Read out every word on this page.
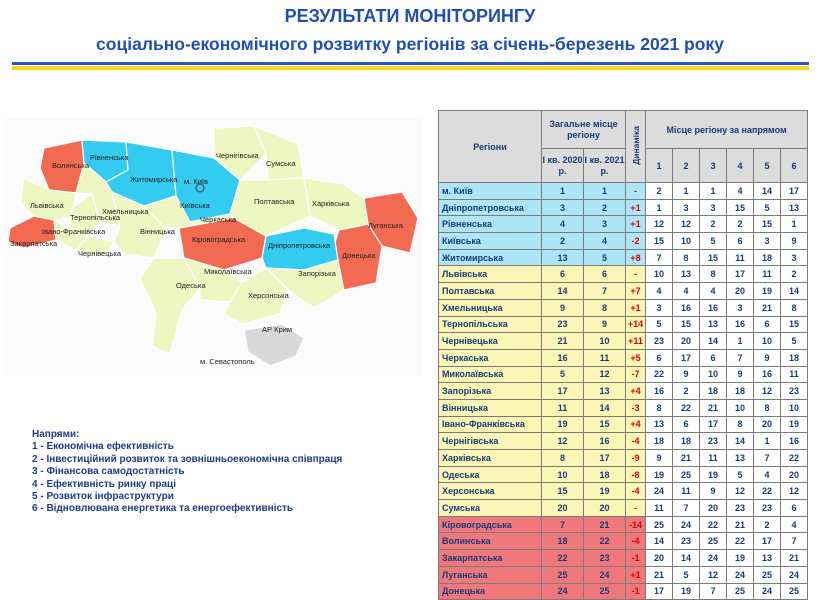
РЕЗУЛЬТАТИ МОНІТОРИНГУ
соціально-економічного розвитку регіонів за січень-березень 2021 року
Волинська
Рівненська
Житомирська
Чернігівська
Сумська
Київська
м. Київ
Львівська
Хмельницька
Тернопільська
Вінницька
Черкаська
Полтавська Харківська
Луганська
Закарпатська
Івано-Франківська
Чернівецька
Кіровоградська
Дніпропетровська
Донецька
Запорізька
Миколаївська
Херсонська
Одеська
АР Крим
м. Севастополь
Напрями:
1 - Економічна ефективність
2 - Інвестиційний розвиток та зовнішньоекономічна співпраця
3 - Фінансова самодостатність
4 - Ефективність ринку праці
5 - Розвиток інфраструктури
6 - Відновлювана енергетика та енергоефективність
Регіони	Загальне місце регіону		Динаміка	Місце регіону за напрямом					
	І кв. 2020 р.	І кв. 2021 р.		1	2	3	4	5	6
м. Київ	1	1	-	2	1	1	4	14	17
Дніпропетровська	3	2	+1	1	3	3	15	5	13
Рівненська	4	3	+1	12	12	2	2	15	1
Київська	2	4	-2	15	10	5	6	3	9
Житомирська	13	5	+8	7	8	15	11	18	3
Львівська	6	6	-	10	13	8	17	11	2
Полтавська	14	7	+7	4	4	4	20	19	14
Хмельницька	9	8	+1	3	16	16	3	21	8
Тернопільська	23	9	+14	5	15	13	16	6	15
Чернівецька	21	10	+11	23	20	14	1	10	5
Черкаська	16	11	+5	6	17	6	7	9	18
Миколаївська	5	12	-7	22	9	10	9	16	11
Запорізька	17	13	+4	16	2	18	18	12	23
Вінницька	11	14	-3	8	22	21	10	8	10
Івано-Франківська	19	15	+4	13	6	17	8	20	19
Чернігівська	12	16	-4	18	18	23	14	1	16
Харківська	8	17	-9	9	21	11	13	7	22
Одеська	10	18	-8	19	25	19	5	4	20
Херсонська	15	19	-4	24	11	9	12	22	12
Сумська	20	20	-	11	7	20	23	23	6
Кіровоградська	7	21	-14	25	24	22	21	2	4
Волинська	18	22	-4	14	23	25	22	17	7
Закарпатська	22	23	-1	20	14	24	19	13	21
Луганська	25	24	+1	21	5	12	24	25	24
Донецька	24	25	-1	17	19	7	25	24	25
